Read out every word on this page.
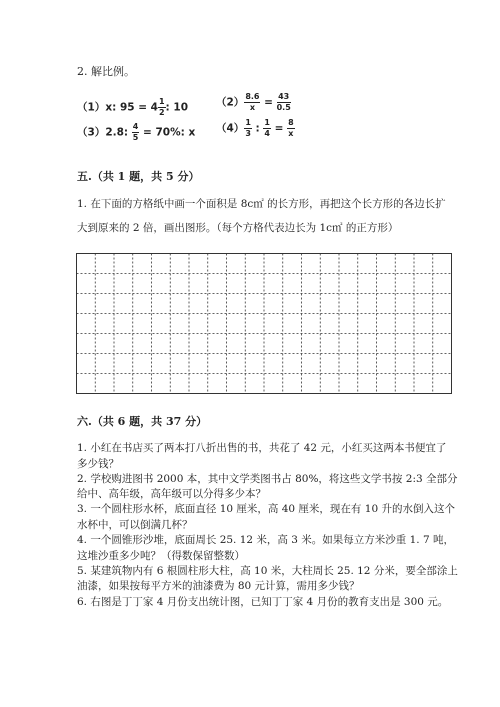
2. 解比例。
（1）x: $95 = 4 \frac{1}{2}$ : 10	$(2) \frac{8.6}{x} = \frac{43}{0.5}$
（3）2.8: $\frac{4}{5} = 70\%$: x $(4) \frac{1}{3}$ : $\frac{1}{4} = \frac{8}{x}$
五.（共 1 题，共 5 分）
1. 在下面的方格纸中画一个面积是 8c㎡ 的长方形，再把这个长方形的各边长扩
大到原来的 2 倍，画出图形。（每个方格代表边长为 1c㎡ 的正方形）
六.（共 6 题，共 37 分）
1. 小红在书店买了两本打八折出售的书，共花了 42 元，小红买这两本书便宜了
多少钱？
2. 学校购进图书 2000 本，其中文学类图书占 80%，将这些文学书按 2:3 全部分
给中、高年级，高年级可以分得多少本？
3. 一个圆柱形水杯，底面直径 10 厘米，高 40 厘米，现在有 10 升的水倒入这个
水杯中，可以倒满几杯？
4. 一个圆锥形沙堆，底面周长 25. 12 米，高 3 米。如果每立方米沙重 1. 7 吨，
这堆沙重多少吨？（得数保留整数）
5. 某建筑物内有 6 根圆柱形大柱，高 10 米，大柱周长 25. 12 分米，要全部涂上
油漆，如果按每平方米的油漆费为 80 元计算，需用多少钱？
6. 右图是丁丁家 4 月份支出统计图，已知丁丁家 4 月份的教育支出是 300 元。
